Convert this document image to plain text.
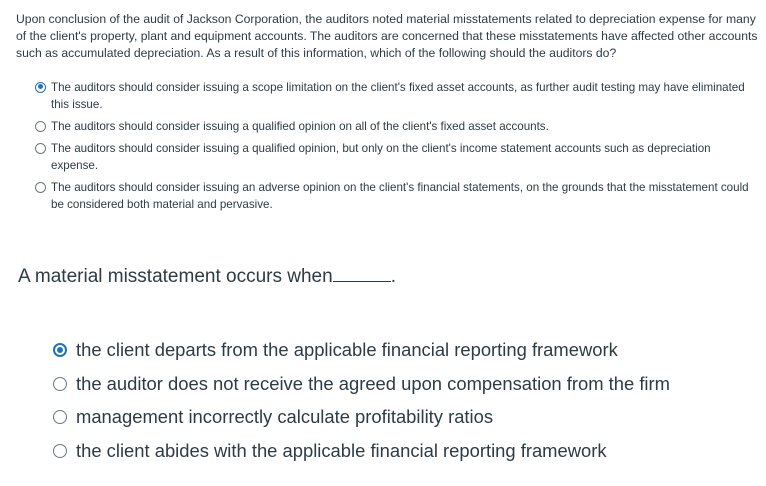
Upon conclusion of the audit of Jackson Corporation, the auditors noted material misstatements related to depreciation expense for many of the client's property, plant and equipment accounts. The auditors are concerned that these misstatements have affected other accounts such as accumulated depreciation. As a result of this information, which of the following should the auditors do?

The auditors should consider issuing a scope limitation on the client's fixed asset accounts, as further audit testing may have eliminated this issue.
The auditors should consider issuing a qualified opinion on all of the client's fixed asset accounts.
The auditors should consider issuing a qualified opinion, but only on the client's income statement accounts such as depreciation expense.
The auditors should consider issuing an adverse opinion on the client's financial statements, on the grounds that the misstatement could be considered both material and pervasive.

A material misstatement occurs when	.

the client departs from the applicable financial reporting framework
the auditor does not receive the agreed upon compensation from the firm
management incorrectly calculate profitability ratios
the client abides with the applicable financial reporting framework
